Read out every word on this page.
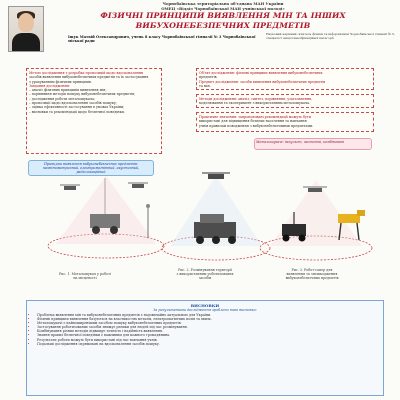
Чорнобаївська територіальна об'єднана МАН України
ОМЕЦ «Відділ Чорнобаївської МАН учнівської молоді»
ФІЗИЧНІ ПРИНЦИПИ ВИЯВЛЕННЯ МІН ТА ІНШИХ
ВИБУХОНЕБЕЗПЕЧНИХ ПРЕДМЕТІВ
Іщук Матвій Олександрович, учень 8 класу Чорнобаївської гімназії № 3 Чорнобаївської
міської ради
Науковий керівник: вчитель фізики та інформатики Чорнобаївської гімназії № 3, спеціаліст вищої кваліфікаційної категорії

Метою дослідження є розробка пропозицій щодо вдосконалення

засобів виявлення вибухонебезпечних предметів та їх застосування

з урахуванням фізичних принципів.

Завдання дослідження:

– аналіз фізичних принципів виявлення мін;

– порівняння методів пошуку вибухонебезпечних предметів;

– дослідження роботи металошукача;

– пропозиції щодо вдосконалення засобів пошуку;

– оцінка ефективності застосування в умовах України;

– висновки та рекомендації щодо безпечної поведінки.

Об'єкт дослідження: фізичні принципи виявлення вибухонебезпечних

предметів.

Предмет дослідження: засоби виявлення вибухонебезпечних предметів

та мін.

Методи дослідження: аналіз, синтез, порівняння, узагальнення,

моделювання та експеримент з використанням металошукача.

Практичне значення: запропоновані рекомендації можуть бути

використані для підвищення безпеки населення та навчання

учнів правилам поводження з вибухонебезпечними предметами.

Принципи виявлення вибухонебезпечних предметів: магнітометричний, електромагнітний, акустичний, радіолокаційний

Металошукачі: імпульсні, частотні, комбіновані

Рис. 1. Металошукач у роботі
на місцевості
Рис. 2. Розмінування території
з використанням роботизованих
засобів
Рис. 3. Робот-сапер для
виявлення та знешкодження
вибухонебезпечних предметів
ВИСНОВКИ
За результатами дослідження зроблено такі висновки:
• Проблема виявлення мін та вибухонебезпечних предметів є надзвичайно актуальною для України.
• Фізичні принципи виявлення базуються на властивостях металів, електромагнітних полів та хвиль.
• Металошукачі є найпоширенішим засобом пошуку вибухонебезпечних предметів.
• Застосування роботизованих засобів знижує ризики для людей під час розмінування.
• Комбінування різних методів підвищує точність і надійність виявлення.
• Знання правил безпечної поведінки є важливим для кожного громадянина.
• Результати роботи можуть бути використані під час навчання учнів.
• Подальші дослідження спрямовані на вдосконалення засобів пошуку.
